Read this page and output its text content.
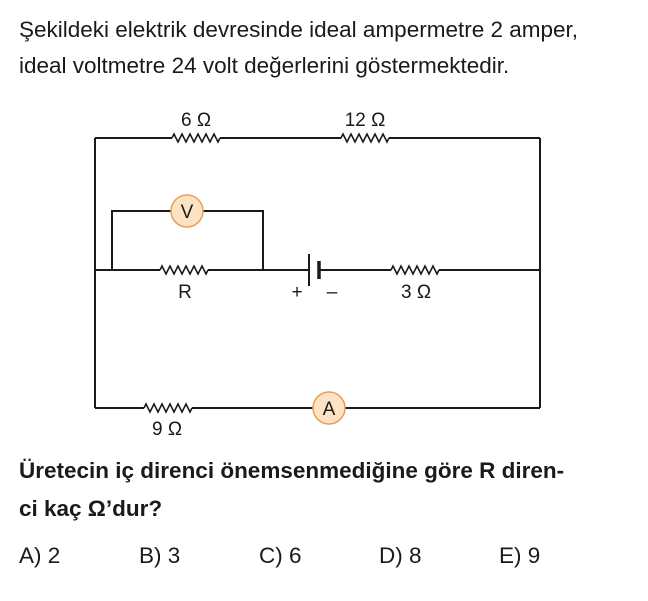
Şekildeki elektrik devresinde ideal ampermetre 2 amper,
ideal voltmetre 24 volt değerlerini göstermektedir.
6 Ω	12 Ω
R	3 Ω
9 Ω
V
A
+ –
Üretecin iç direnci önemsenmediğine göre R diren-
ci kaç Ω’dur?
A) 2	B) 3	C) 6	D) 8	E) 9
